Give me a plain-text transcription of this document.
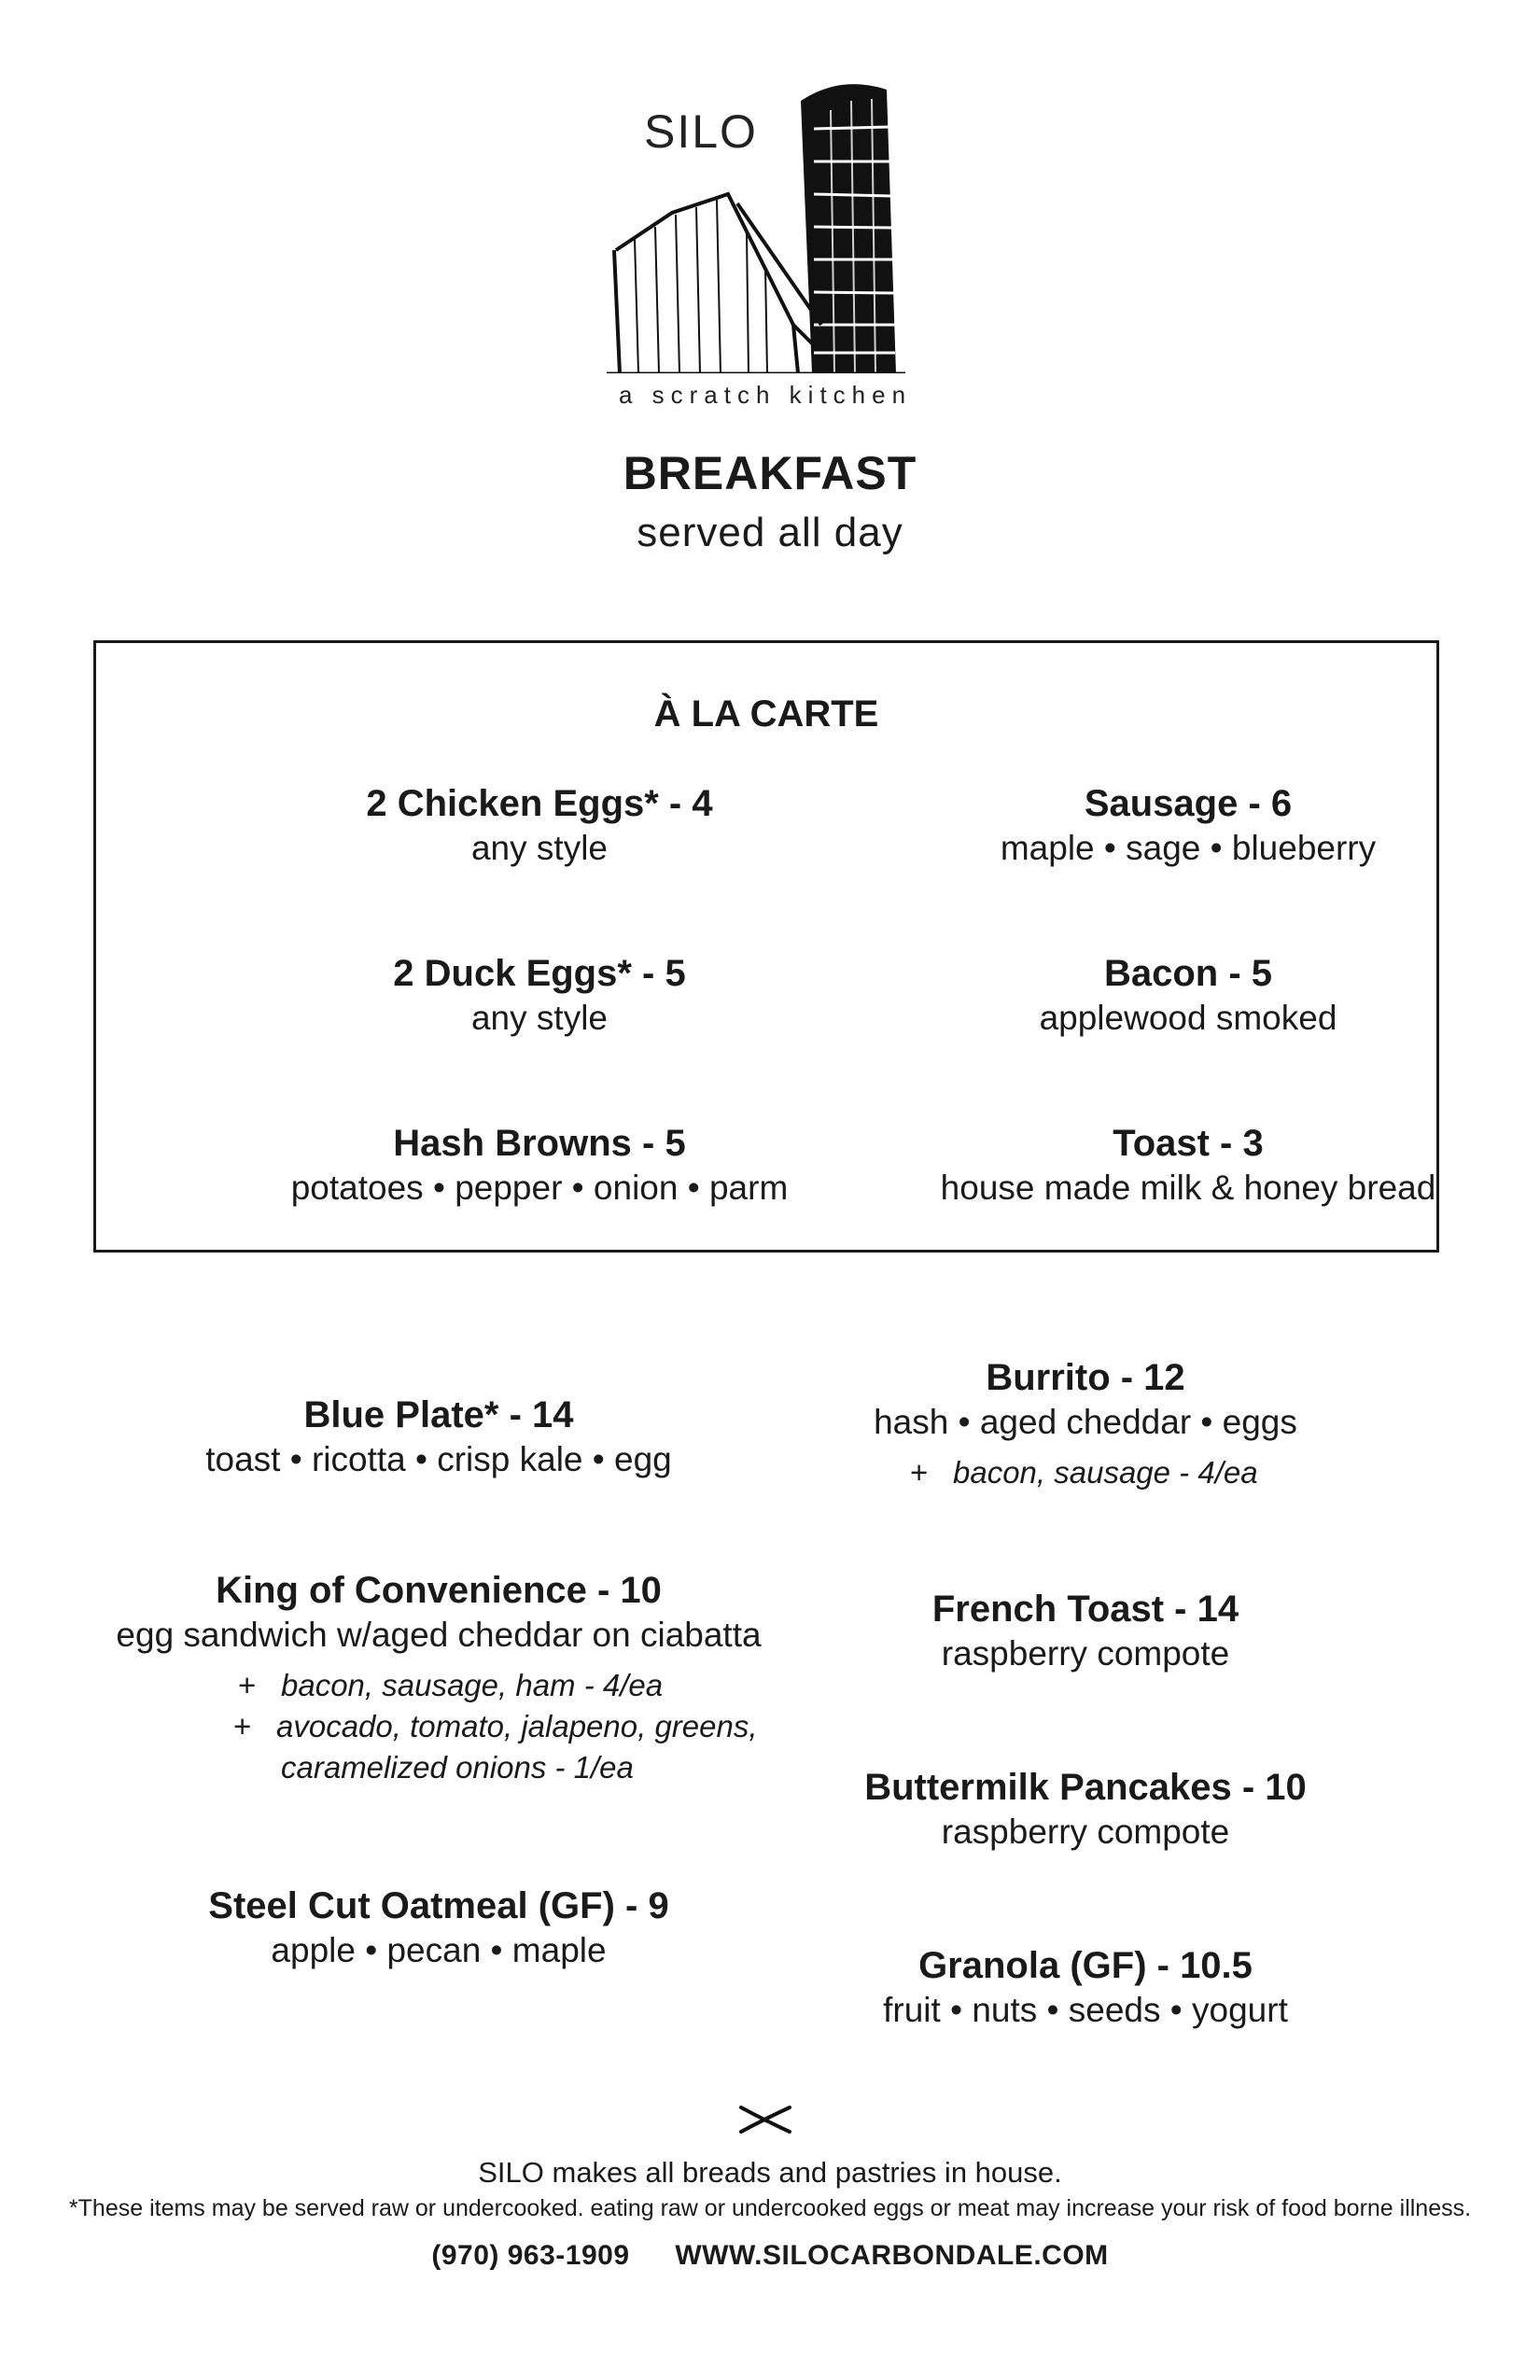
SILO
a scratch kitchen
BREAKFAST
served all day
À LA CARTE
2 Chicken Eggs* - 4
any style
Sausage - 6
maple • sage • blueberry
2 Duck Eggs* - 5
any style
Bacon - 5
applewood smoked
Hash Browns - 5
potatoes • pepper • onion • parm
Toast - 3
house made milk & honey bread
Blue Plate* - 14
toast • ricotta • crisp kale • egg
King of Convenience - 10
egg sandwich w/aged cheddar on ciabatta
+ bacon, sausage, ham - 4/ea
+ avocado, tomato, jalapeno, greens,
caramelized onions - 1/ea
Steel Cut Oatmeal (GF) - 9
apple • pecan • maple
Burrito - 12
hash • aged cheddar • eggs
+ bacon, sausage - 4/ea
French Toast - 14
raspberry compote
Buttermilk Pancakes - 10
raspberry compote
Granola (GF) - 10.5
fruit • nuts • seeds • yogurt
SILO makes all breads and pastries in house.
*These items may be served raw or undercooked. eating raw or undercooked eggs or meat may increase your risk of food borne illness.
(970) 963-1909 WWW.SILOCARBONDALE.COM
